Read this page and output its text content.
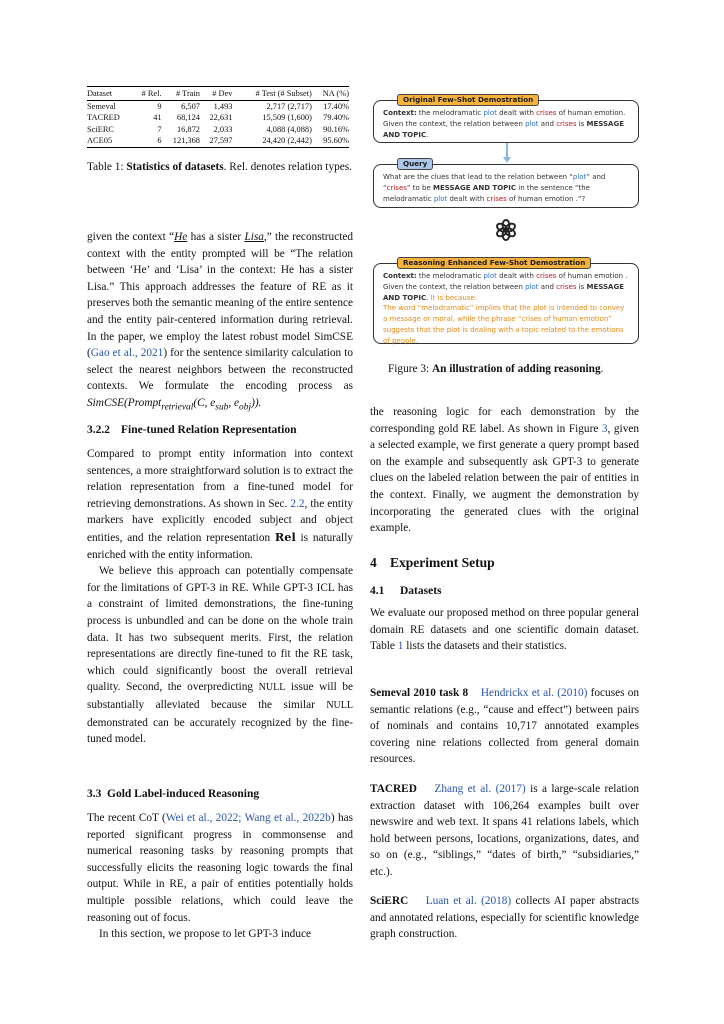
Dataset	# Rel.	# Train	# Dev	# Test (# Subset)	NA (%)
Semeval	9	6,507	1,493	2,717 (2,717)	17.40%
TACRED	41	68,124	22,631	15,509 (1,600)	79.40%
SciERC	7	16,872	2,033	4,088 (4,088)	90.16%
ACE05	6	121,368	27,597	24,420 (2,442)	95.60%
Table 1: Statistics of datasets. Rel. denotes relation types.

given the context “He has a sister Lisa,” the reconstructed context with the entity prompted will be “The relation between ‘He’ and ‘Lisa’ in the context: He has a sister Lisa.” This approach addresses the feature of RE as it preserves both the semantic meaning of the entire sentence and the entity pair-centered information during retrieval. In the paper, we employ the latest robust model SimCSE (Gao et al., 2021) for the sentence similarity calculation to select the nearest neighbors between the reconstructed contexts. We formulate the encoding process as SimCSE(Prompt$_{retrieval}$(C, $e_{sub}$, $e_{obj}$)).

3.2.2 Fine-tuned Relation Representation

Compared to prompt entity information into context sentences, a more straightforward solution is to extract the relation representation from a fine-tuned model for retrieving demonstrations. As shown in Sec. 2.2, the entity markers have explicitly encoded subject and object entities, and the relation representation Rel is naturally enriched with the entity information.

We believe this approach can potentially compensate for the limitations of GPT-3 in RE. While GPT-3 ICL has a constraint of limited demonstrations, the fine-tuning process is unbundled and can be done on the whole train data. It has two subsequent merits. First, the relation representations are directly fine-tuned to fit the RE task, which could significantly boost the overall retrieval quality. Second, the overpredicting NULL issue will be substantially alleviated because the similar NULL demonstrated can be accurately recognized by the fine-tuned model.

3.3 Gold Label-induced Reasoning

The recent CoT (Wei et al., 2022; Wang et al., 2022b) has reported significant progress in commonsense and numerical reasoning tasks by reasoning prompts that successfully elicits the reasoning logic towards the final output. While in RE, a pair of entities potentially holds multiple possible relations, which could leave the reasoning out of focus.

In this section, we propose to let GPT-3 induce

Context: the melodramatic plot dealt with crises of human emotion.
Given the context, the relation between plot and crises is MESSAGE AND TOPIC.
Original Few-Shot Demostration
What are the clues that lead to the relation between “plot” and “crises” to be MESSAGE AND TOPIC in the sentence “the melodramatic plot dealt with crises of human emotion .”?
Query
Context: the melodramatic plot dealt with crises of human emotion .
Given the context, the relation between plot and crises is MESSAGE AND TOPIC. It is because:
The word “melodramatic” implies that the plot is intended to convey a message or moral, while the phrase “crises of human emotion” suggests that the plot is dealing with a topic related to the emotions of people.
Reasoning Enhanced Few-Shot Demostration
Figure 3: An illustration of adding reasoning.

the reasoning logic for each demonstration by the corresponding gold RE label. As shown in Figure 3, given a selected example, we first generate a query prompt based on the example and subsequently ask GPT-3 to generate clues on the labeled relation between the pair of entities in the context. Finally, we augment the demonstration by incorporating the generated clues with the original example.

4 Experiment Setup
4.1 Datasets

We evaluate our proposed method on three popular general domain RE datasets and one scientific domain dataset. Table 1 lists the datasets and their statistics.

Semeval 2010 task 8 Hendrickx et al. (2010) focuses on semantic relations (e.g., “cause and effect”) between pairs of nominals and contains 10,717 annotated examples covering nine relations collected from general domain resources.

TACRED Zhang et al. (2017) is a large-scale relation extraction dataset with 106,264 examples built over newswire and web text. It spans 41 relations labels, which hold between persons, locations, organizations, dates, and so on (e.g., “siblings,” “dates of birth,” “subsidiaries,” etc.).

SciERC Luan et al. (2018) collects AI paper abstracts and annotated relations, especially for scientific knowledge graph construction.
